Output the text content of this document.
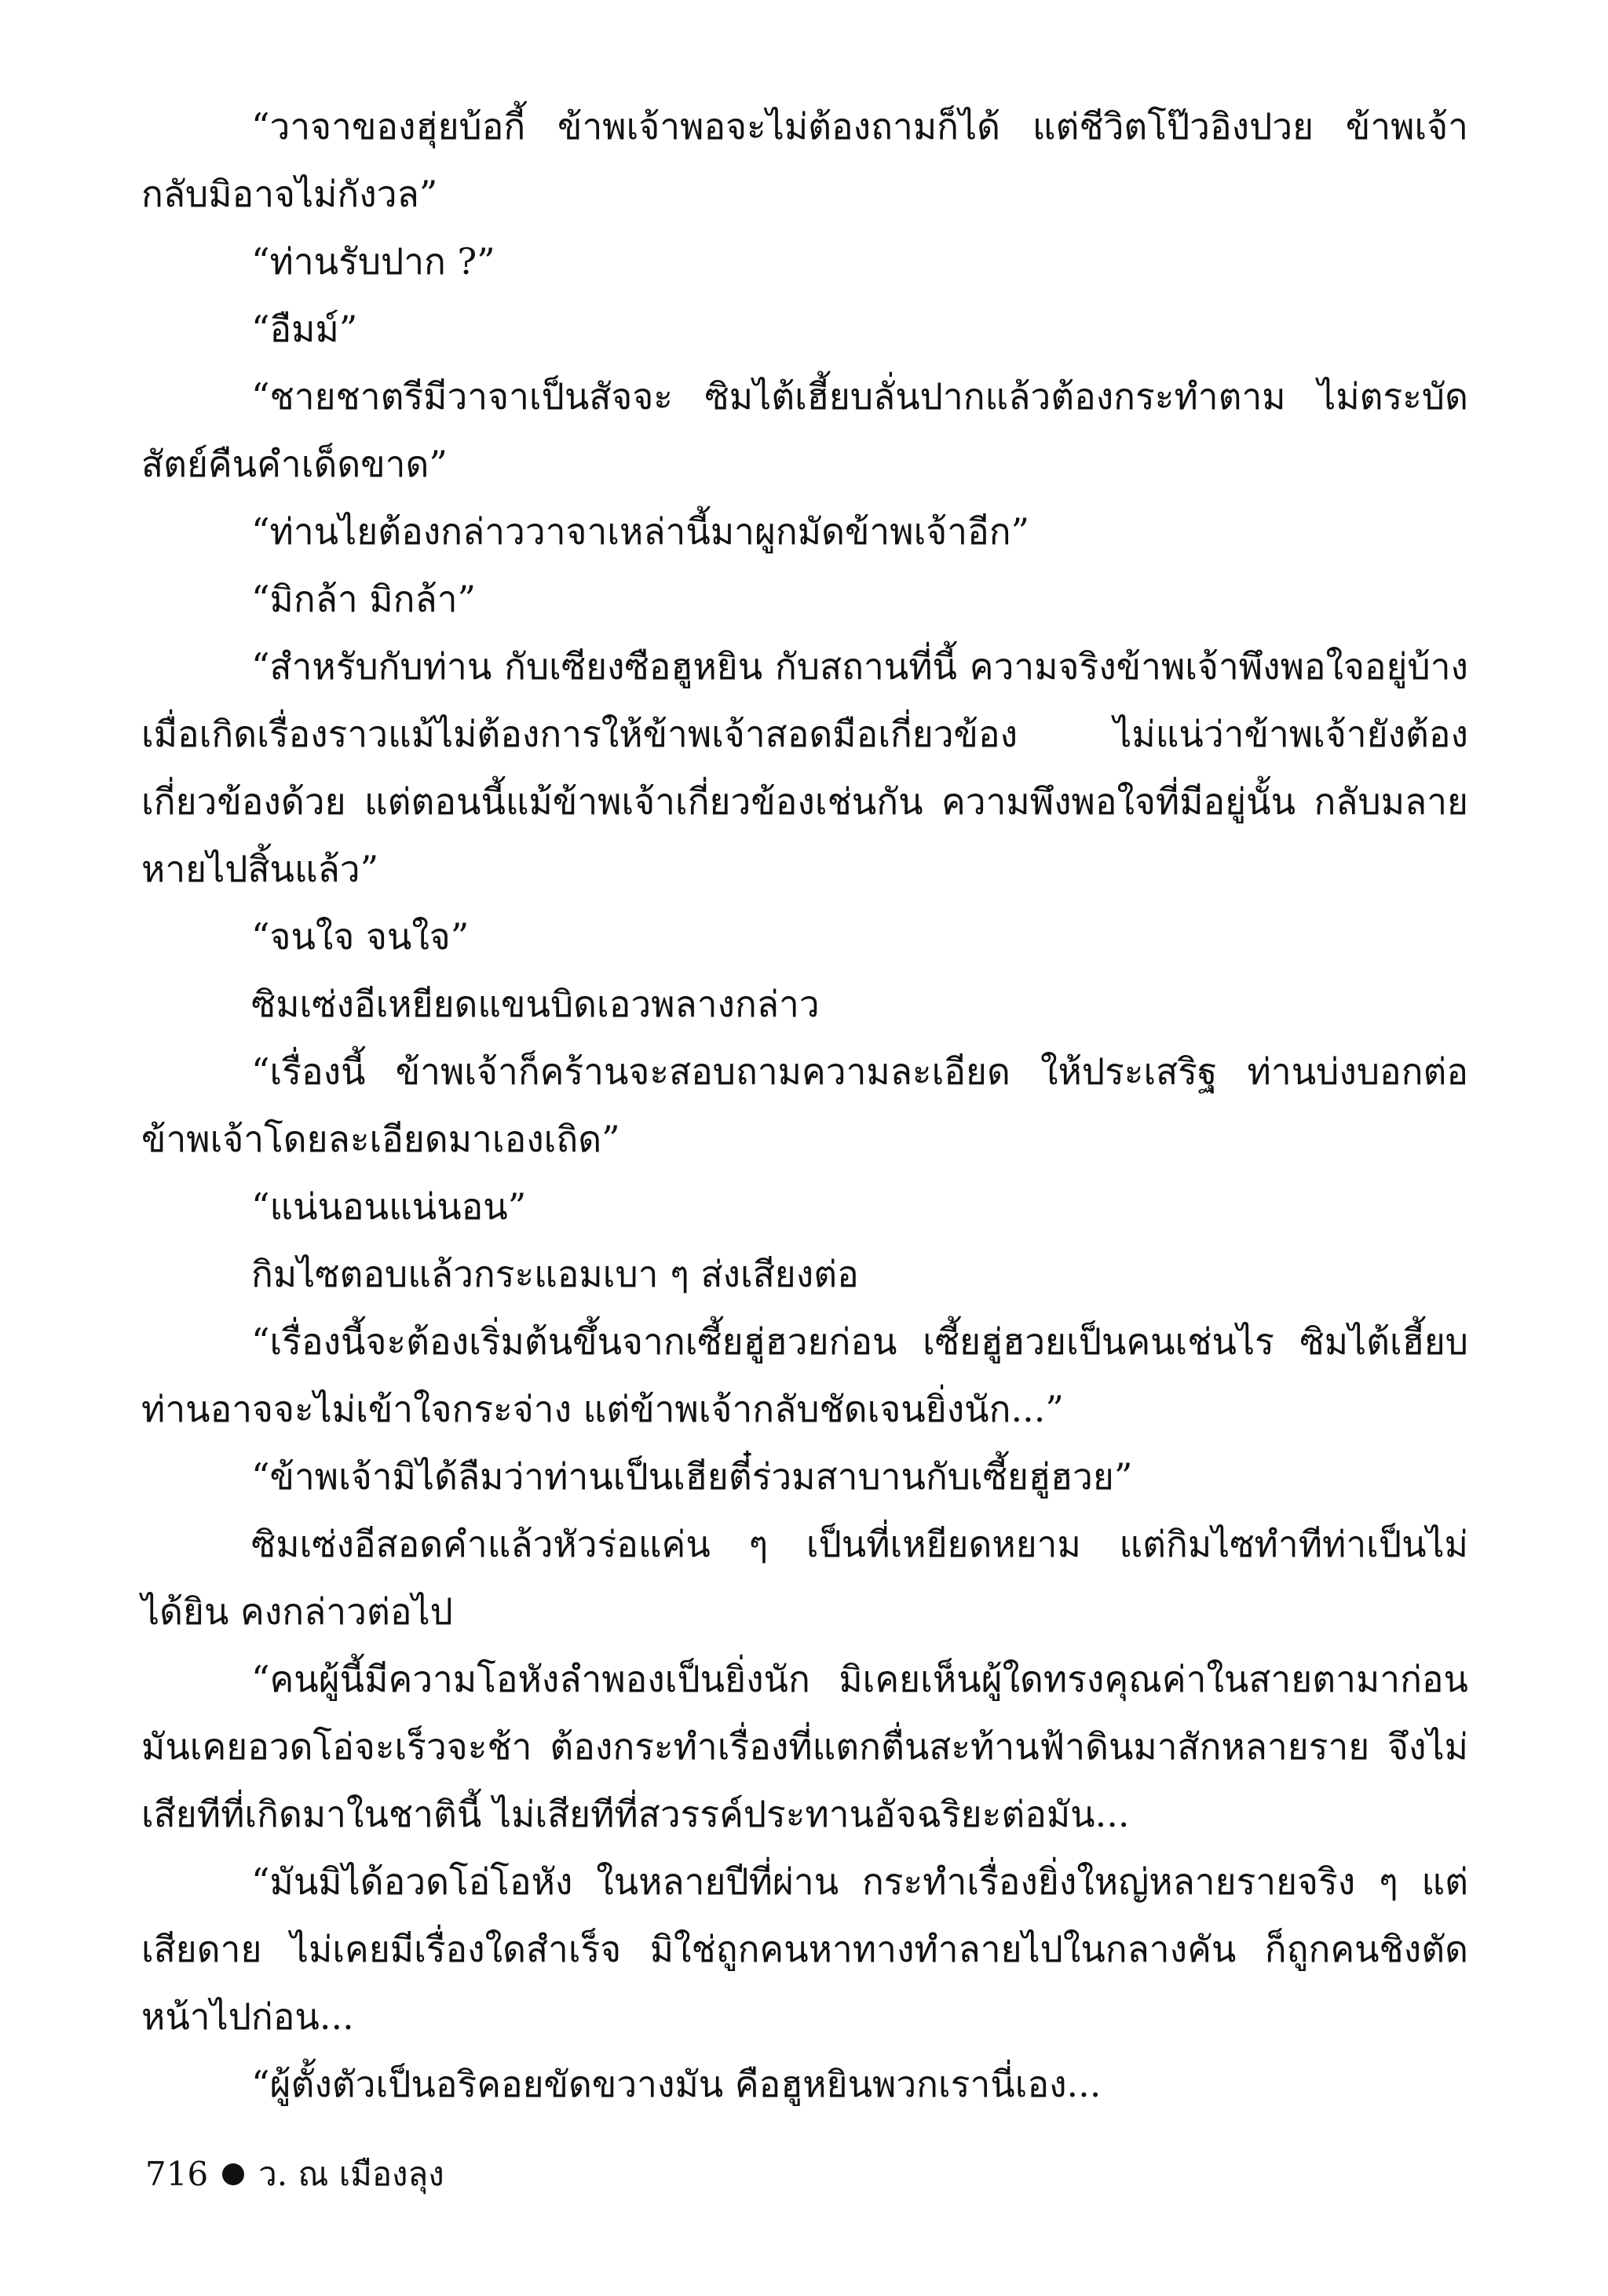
“วาจาของฮุ่ยบ้อกี้ ข้าพเจ้าพอจะไม่ต้องถามก็ได้ แต่ชีวิตโป๊วอิงปวย ข้าพเจ้ากลับมิอาจไม่กังวล”

“ท่านรับปาก ?”

“อืมม์”

“ชายชาตรีมีวาจาเป็นสัจจะ ซิมไต้เฮี้ยบลั่นปากแล้วต้องกระทำตาม ไม่ตระบัดสัตย์คืนคำเด็ดขาด”

“ท่านไยต้องกล่าววาจาเหล่านี้มาผูกมัดข้าพเจ้าอีก”

“มิกล้า มิกล้า”

“สำหรับกับท่าน กับเซียงซือฮูหยิน กับสถานที่นี้ ความจริงข้าพเจ้าพึงพอใจอยู่บ้าง เมื่อเกิดเรื่องราวแม้ไม่ต้องการให้ข้าพเจ้าสอดมือเกี่ยวข้อง ไม่แน่ว่าข้าพเจ้ายังต้องเกี่ยวข้องด้วย แต่ตอนนี้แม้ข้าพเจ้าเกี่ยวข้องเช่นกัน ความพึงพอใจที่มีอยู่นั้น กลับมลายหายไปสิ้นแล้ว”

“จนใจ จนใจ”

ซิมเซ่งอีเหยียดแขนบิดเอวพลางกล่าว

“เรื่องนี้ ข้าพเจ้าก็คร้านจะสอบถามความละเอียด ให้ประเสริฐ ท่านบ่งบอกต่อข้าพเจ้าโดยละเอียดมาเองเถิด”

“แน่นอนแน่นอน”

กิมไซตอบแล้วกระแอมเบา ๆ ส่งเสียงต่อ

“เรื่องนี้จะต้องเริ่มต้นขึ้นจากเซี้ยฮู่ฮวยก่อน เซี้ยฮู่ฮวยเป็นคนเช่นไร ซิมไต้เฮี้ยบท่านอาจจะไม่เข้าใจกระจ่าง แต่ข้าพเจ้ากลับชัดเจนยิ่งนัก...”

“ข้าพเจ้ามิได้ลืมว่าท่านเป็นเฮียตี๋ร่วมสาบานกับเซี้ยฮู่ฮวย”

ซิมเซ่งอีสอดคำแล้วหัวร่อแค่น ๆ เป็นที่เหยียดหยาม แต่กิมไซทำทีท่าเป็นไม่ได้ยิน คงกล่าวต่อไป

“คนผู้นี้มีความโอหังลำพองเป็นยิ่งนัก มิเคยเห็นผู้ใดทรงคุณค่าในสายตามาก่อน มันเคยอวดโอ่จะเร็วจะช้า ต้องกระทำเรื่องที่แตกตื่นสะท้านฟ้าดินมาสักหลายราย จึงไม่เสียทีที่เกิดมาในชาตินี้ ไม่เสียทีที่สวรรค์ประทานอัจฉริยะต่อมัน...

“มันมิได้อวดโอ่โอหัง ในหลายปีที่ผ่าน กระทำเรื่องยิ่งใหญ่หลายรายจริง ๆ แต่เสียดาย ไม่เคยมีเรื่องใดสำเร็จ มิใช่ถูกคนหาทางทำลายไปในกลางคัน ก็ถูกคนชิงตัดหน้าไปก่อน...

“ผู้ตั้งตัวเป็นอริคอยขัดขวางมัน คือฮูหยินพวกเรานี่เอง...

716 ว. ณ เมืองลุง
